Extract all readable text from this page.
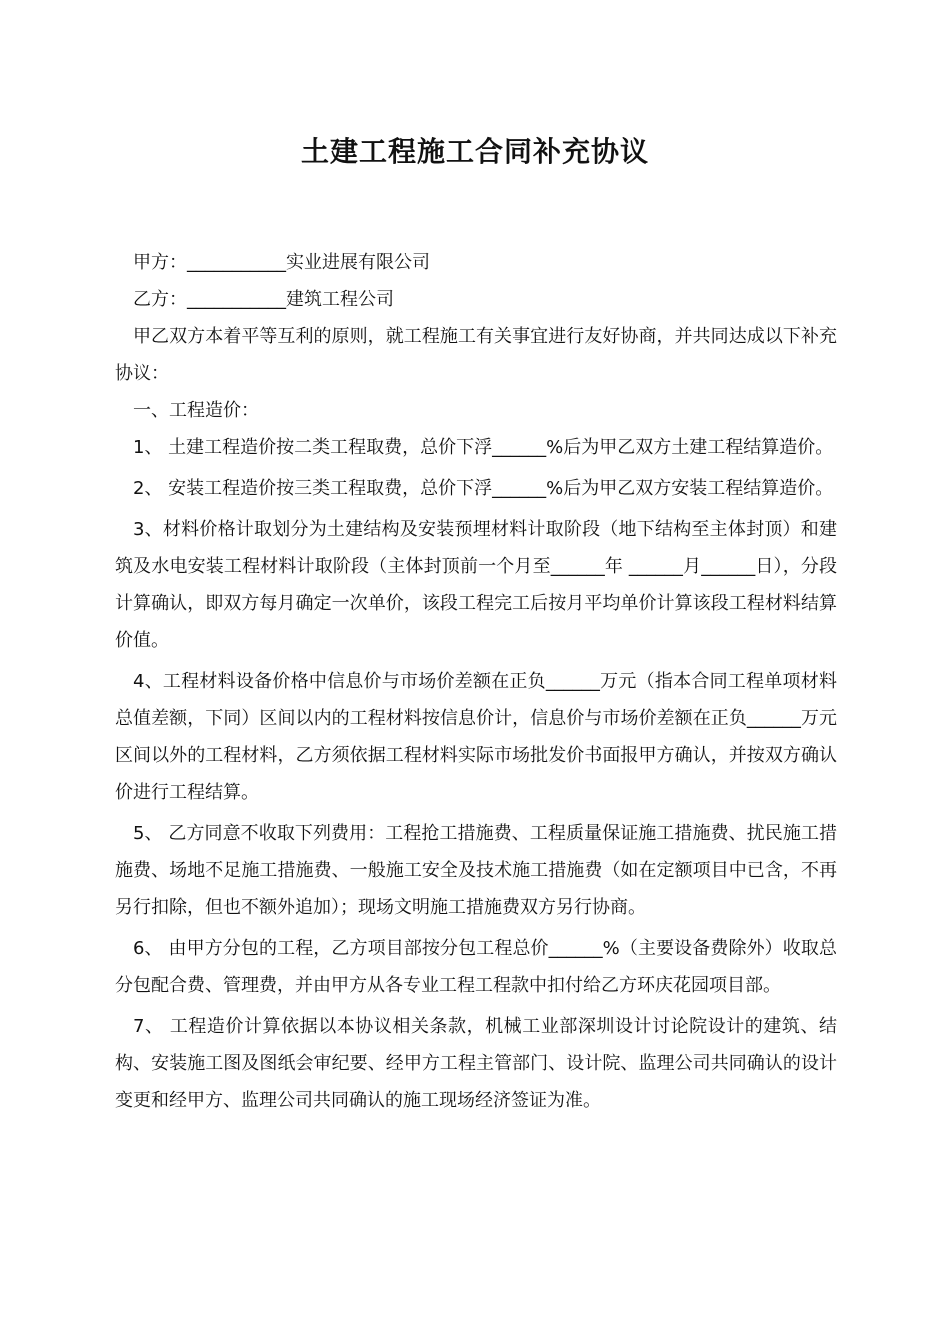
土建工程施工合同补充协议

甲方：___________实业进展有限公司

乙方：___________建筑工程公司

甲乙双方本着平等互利的原则，就工程施工有关事宜进行友好协商，并共同达成以下补充协议：

一、工程造价：

1、 土建工程造价按二类工程取费，总价下浮______%后为甲乙双方土建工程结算造价。

2、 安装工程造价按三类工程取费，总价下浮______%后为甲乙双方安装工程结算造价。

3、材料价格计取划分为土建结构及安装预埋材料计取阶段（地下结构至主体封顶）和建筑及水电安装工程材料计取阶段（主体封顶前一个月至______年 ______月______日），分段计算确认，即双方每月确定一次单价，该段工程完工后按月平均单价计算该段工程材料结算价值。

4、工程材料设备价格中信息价与市场价差额在正负______万元（指本合同工程单项材料总值差额，下同）区间以内的工程材料按信息价计，信息价与市场价差额在正负______万元区间以外的工程材料，乙方须依据工程材料实际市场批发价书面报甲方确认，并按双方确认价进行工程结算。

5、 乙方同意不收取下列费用：工程抢工措施费、工程质量保证施工措施费、扰民施工措施费、场地不足施工措施费、一般施工安全及技术施工措施费（如在定额项目中已含，不再另行扣除，但也不额外追加）；现场文明施工措施费双方另行协商。

6、 由甲方分包的工程，乙方项目部按分包工程总价______%（主要设备费除外）收取总分包配合费、管理费，并由甲方从各专业工程工程款中扣付给乙方环庆花园项目部。

7、 工程造价计算依据以本协议相关条款，机械工业部深圳设计讨论院设计的建筑、结构、安装施工图及图纸会审纪要、经甲方工程主管部门、设计院、监理公司共同确认的设计变更和经甲方、监理公司共同确认的施工现场经济签证为准。
